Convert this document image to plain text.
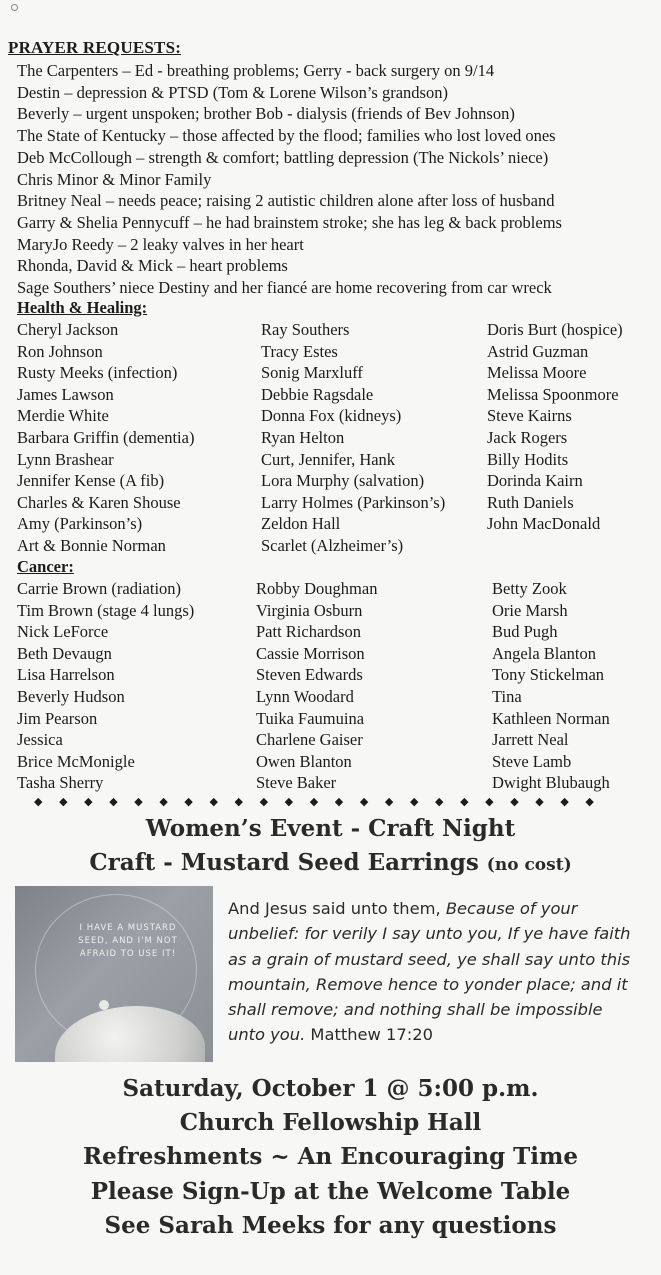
PRAYER REQUESTS:
The Carpenters – Ed - breathing problems; Gerry - back surgery on 9/14
Destin – depression & PTSD (Tom & Lorene Wilson’s grandson)
Beverly – urgent unspoken; brother Bob - dialysis (friends of Bev Johnson)
The State of Kentucky – those affected by the flood; families who lost loved ones
Deb McCollough – strength & comfort; battling depression (The Nickols’ niece)
Chris Minor & Minor Family
Britney Neal – needs peace; raising 2 autistic children alone after loss of husband
Garry & Shelia Pennycuff – he had brainstem stroke; she has leg & back problems
MaryJo Reedy – 2 leaky valves in her heart
Rhonda, David & Mick – heart problems
Sage Southers’ niece Destiny and her fiancé are home recovering from car wreck
Health & Healing:
Cheryl Jackson
Ron Johnson
Rusty Meeks (infection)
James Lawson
Merdie White
Barbara Griffin (dementia)
Lynn Brashear
Jennifer Kense (A fib)
Charles & Karen Shouse
Amy (Parkinson’s)
Art & Bonnie Norman
Ray Southers
Tracy Estes
Sonig Marxluff
Debbie Ragsdale
Donna Fox (kidneys)
Ryan Helton
Curt, Jennifer, Hank
Lora Murphy (salvation)
Larry Holmes (Parkinson’s)
Zeldon Hall
Scarlet (Alzheimer’s)
Doris Burt (hospice)
Astrid Guzman
Melissa Moore
Melissa Spoonmore
Steve Kairns
Jack Rogers
Billy Hodits
Dorinda Kairn
Ruth Daniels
John MacDonald
Cancer:
Carrie Brown (radiation)
Tim Brown (stage 4 lungs)
Nick LeForce
Beth Devaugn
Lisa Harrelson
Beverly Hudson
Jim Pearson
Jessica
Brice McMonigle
Tasha Sherry
Robby Doughman
Virginia Osburn
Patt Richardson
Cassie Morrison
Steven Edwards
Lynn Woodard
Tuika Faumuina
Charlene Gaiser
Owen Blanton
Steve Baker
Betty Zook
Orie Marsh
Bud Pugh
Angela Blanton
Tony Stickelman
Tina
Kathleen Norman
Jarrett Neal
Steve Lamb
Dwight Blubaugh
◆ ◆ ◆ ◆ ◆ ◆ ◆ ◆ ◆ ◆ ◆ ◆ ◆ ◆ ◆ ◆ ◆ ◆ ◆ ◆ ◆ ◆ ◆
Women’s Event - Craft Night
Craft - Mustard Seed Earrings (no cost)
I HAVE A MUSTARD SEED, AND I'M NOT AFRAID TO USE IT!
And Jesus said unto them, Because of your unbelief: for verily I say unto you, If ye have faith as a grain of mustard seed, ye shall say unto this mountain, Remove hence to yonder place; and it shall remove; and nothing shall be impossible unto you. Matthew 17:20
Saturday, October 1 @ 5:00 p.m.
Church Fellowship Hall
Refreshments ~ An Encouraging Time
Please Sign-Up at the Welcome Table
See Sarah Meeks for any questions
